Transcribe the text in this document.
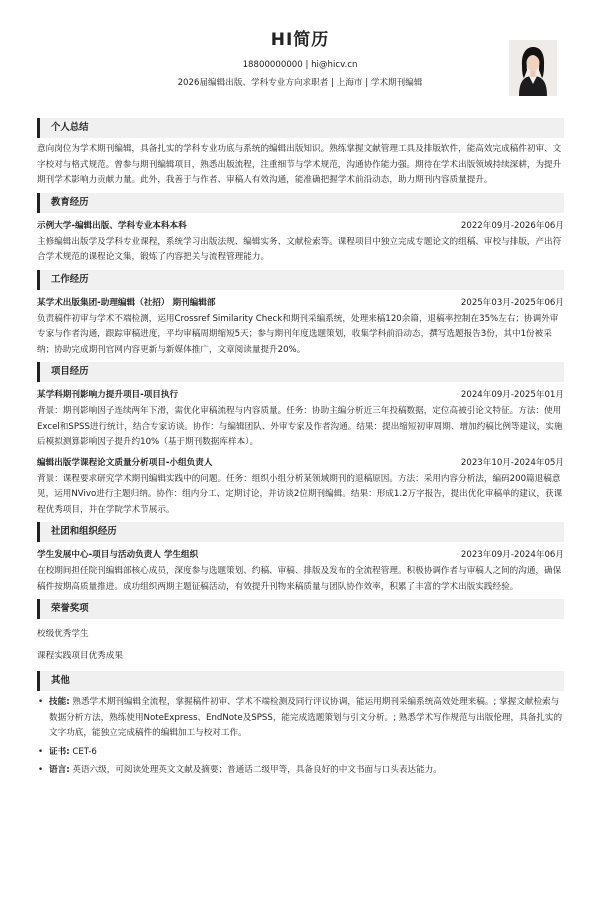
HI简历
18800000000 | hi@hicv.cn
2026届编辑出版、学科专业方向求职者 | 上海市 | 学术期刊编辑
个人总结
意向岗位为学术期刊编辑，具备扎实的学科专业功底与系统的编辑出版知识。熟练掌握文献管理工具及排版软件，能高效完成稿件初审、文字校对与格式规范。曾参与期刊编辑项目，熟悉出版流程，注重细节与学术规范，沟通协作能力强。期待在学术出版领域持续深耕，为提升期刊学术影响力贡献力量。此外，我善于与作者、审稿人有效沟通，能准确把握学术前沿动态，助力期刊内容质量提升。
教育经历
示例大学-编辑出版、学科专业本科本科	2022年09月-2026年06月
主修编辑出版学及学科专业课程，系统学习出版法规、编辑实务、文献检索等。课程项目中独立完成专题论文的组稿、审校与排版，产出符合学术规范的课程论文集，锻炼了内容把关与流程管理能力。
工作经历
某学术出版集团-助理编辑（社招） 期刊编辑部	2025年03月-2025年06月
负责稿件初审与学术不端检测，运用Crossref Similarity Check和期刊采编系统，处理来稿120余篇，退稿率控制在35%左右；协调外审专家与作者沟通，跟踪审稿进度，平均审稿周期缩短5天；参与期刊年度选题策划，收集学科前沿动态，撰写选题报告3份，其中1份被采纳；协助完成期刊官网内容更新与新媒体推广，文章阅读量提升20%。
项目经历
某学科期刊影响力提升项目-项目执行	2024年09月-2025年01月
背景：期刊影响因子连续两年下滑，需优化审稿流程与内容质量。任务：协助主编分析近三年投稿数据，定位高被引论文特征。方法：使用Excel和SPSS进行统计，结合专家访谈。协作：与编辑团队、外审专家及作者沟通。结果：提出缩短初审周期、增加约稿比例等建议，实施后模拟测算影响因子提升约10%（基于期刊数据库样本）。
编辑出版学课程论文质量分析项目-小组负责人	2023年10月-2024年05月
背景：课程要求研究学术期刊编辑实践中的问题。任务：组织小组分析某领域期刊的退稿原因。方法：采用内容分析法，编码200篇退稿意见，运用NVivo进行主题归纳。协作：组内分工、定期讨论，并访谈2位期刊编辑。结果：形成1.2万字报告，提出优化审稿单的建议，获课程优秀项目，并在学院学术节展示。
社团和组织经历
学生发展中心-项目与活动负责人 学生组织	2023年09月-2024年06月
在校期间担任院刊编辑部核心成员，深度参与选题策划、约稿、审稿、排版及发布的全流程管理。积极协调作者与审稿人之间的沟通，确保稿件按期高质量推进。成功组织两期主题征稿活动，有效提升刊物来稿质量与团队协作效率，积累了丰富的学术出版实践经验。
荣誉奖项
校级优秀学生
课程实践项目优秀成果
其他
• 技能: 熟悉学术期刊编辑全流程，掌握稿件初审、学术不端检测及同行评议协调，能运用期刊采编系统高效处理来稿。; 掌握文献检索与数据分析方法，熟练使用NoteExpress、EndNote及SPSS，能完成选题策划与引文分析。; 熟悉学术写作规范与出版伦理，具备扎实的文字功底，能独立完成稿件的编辑加工与校对工作。
• 证书: CET-6
• 语言: 英语六级，可阅读处理英文文献及摘要；普通话二级甲等，具备良好的中文书面与口头表达能力。
